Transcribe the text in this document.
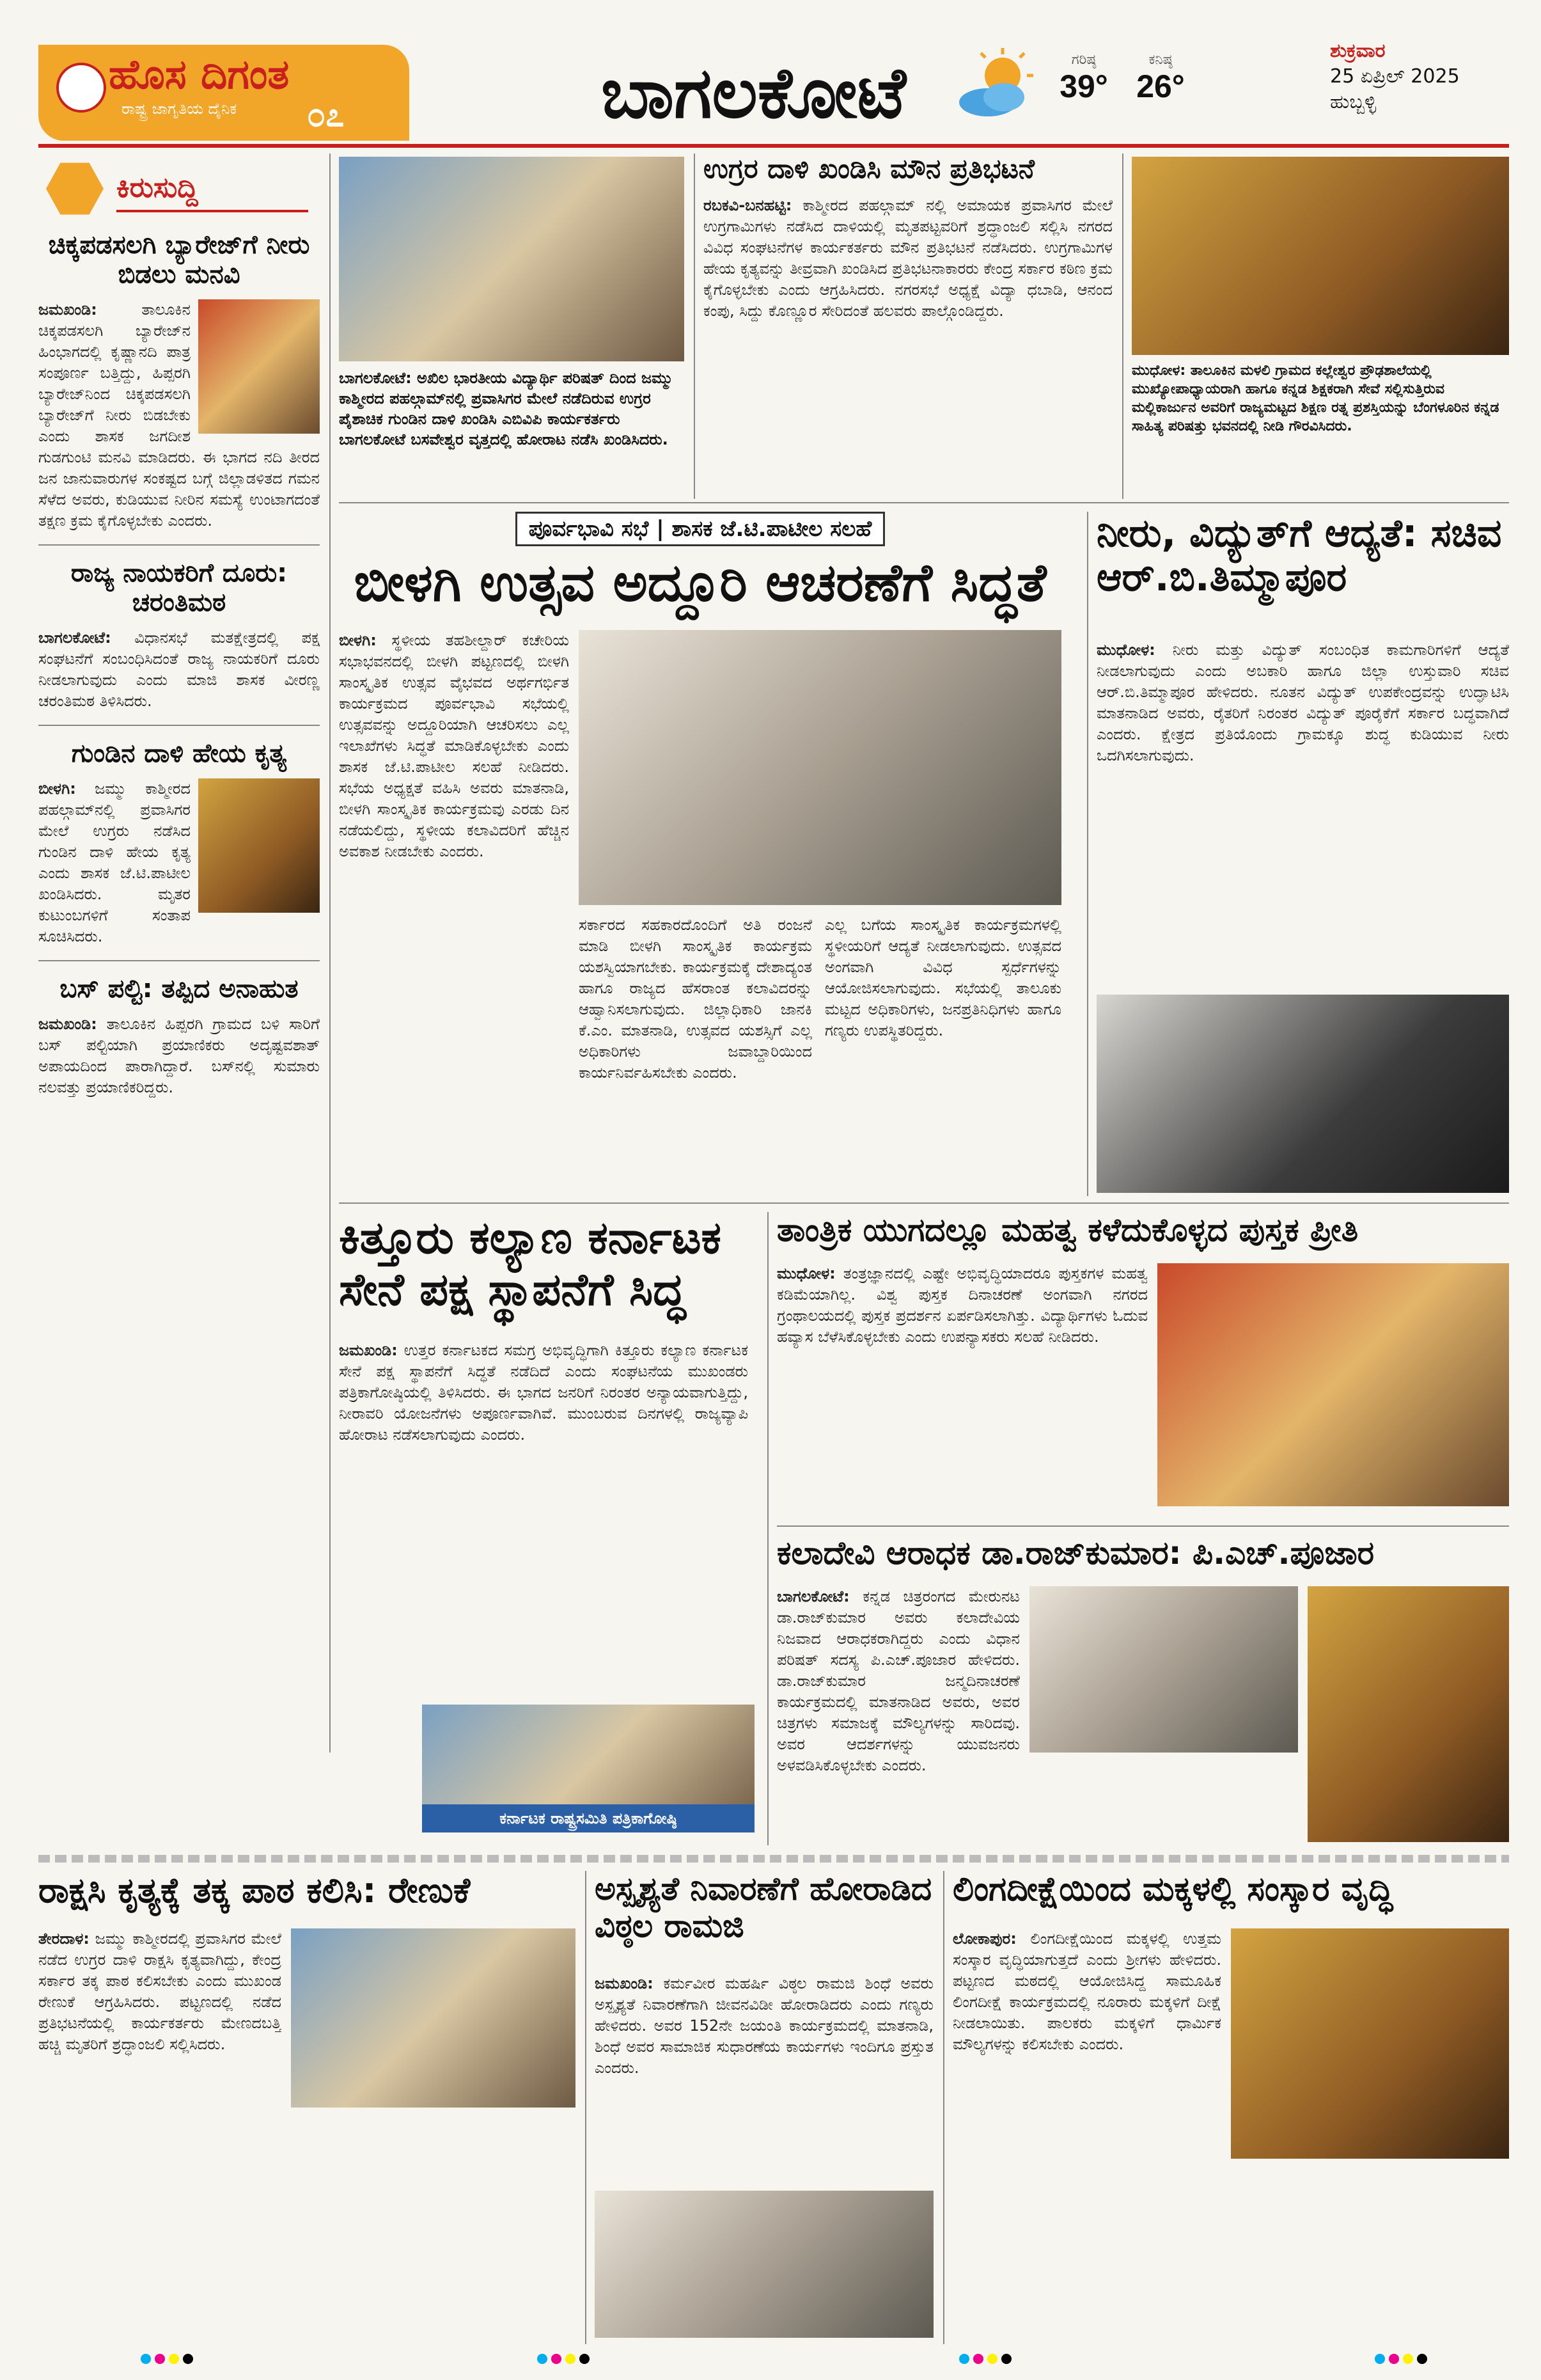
ಹೊಸ ದಿಗಂತ
ರಾಷ್ಟ್ರ ಜಾಗೃತಿಯ ದೈನಿಕ ೦೭	ಬಾಗಲಕೋಟೆ	ಗರಿಷ್ಠ
39°
ಕನಿಷ್ಠ
26°
ಶುಕ್ರವಾರ
25 ಏಪ್ರಿಲ್ 2025
ಹುಬ್ಬಳ್ಳಿ
ಕಿರುಸುದ್ದಿ
ಚಿಕ್ಕಪಡಸಲಗಿ ಬ್ಯಾರೇಜ್‌ಗೆ ನೀರು ಬಿಡಲು ಮನವಿ
ಜಮಖಂಡಿ:	ತಾಲೂಕಿನ ಚಿಕ್ಕಪಡಸಲಗಿ ಬ್ಯಾರೇಜ್‌ನ ಹಿಂಭಾಗದಲ್ಲಿ ಕೃಷ್ಣಾನದಿ ಪಾತ್ರ ಸಂಪೂರ್ಣ ಬತ್ತಿದ್ದು, ಹಿಪ್ಪರಗಿ ಬ್ಯಾರೇಜ್‌ನಿಂದ ಚಿಕ್ಕಪಡಸಲಗಿ ಬ್ಯಾರೇಜ್‌ಗೆ ನೀರು ಬಿಡಬೇಕು ಎಂದು ಶಾಸಕ ಜಗದೀಶ ಗುಡಗುಂಟಿ ಮನವಿ ಮಾಡಿದರು. ಈ ಭಾಗದ ನದಿ ತೀರದ ಜನ ಜಾನುವಾರುಗಳ ಸಂಕಷ್ಟದ ಬಗ್ಗೆ ಜಿಲ್ಲಾಡಳಿತದ ಗಮನ ಸೆಳೆದ ಅವರು, ಕುಡಿಯುವ ನೀರಿನ ಸಮಸ್ಯೆ ಉಂಟಾಗದಂತೆ ತಕ್ಷಣ ಕ್ರಮ ಕೈಗೊಳ್ಳಬೇಕು ಎಂದರು.
ರಾಜ್ಯ ನಾಯಕರಿಗೆ ದೂರು: ಚರಂತಿಮಠ
ಬಾಗಲಕೋಟೆ: ವಿಧಾನಸಭೆ ಮತಕ್ಷೇತ್ರದಲ್ಲಿ ಪಕ್ಷ ಸಂಘಟನೆಗೆ ಸಂಬಂಧಿಸಿದಂತೆ ರಾಜ್ಯ ನಾಯಕರಿಗೆ ದೂರು ನೀಡಲಾಗುವುದು ಎಂದು ಮಾಜಿ ಶಾಸಕ ವೀರಣ್ಣ ಚರಂತಿಮಠ ತಿಳಿಸಿದರು.
ಗುಂಡಿನ ದಾಳಿ ಹೇಯ ಕೃತ್ಯ
ಬೀಳಗಿ: ಜಮ್ಮು ಕಾಶ್ಮೀರದ ಪಹಲ್ಗಾಮ್‌ನಲ್ಲಿ ಪ್ರವಾಸಿಗರ ಮೇಲೆ ಉಗ್ರರು ನಡೆಸಿದ ಗುಂಡಿನ ದಾಳಿ ಹೇಯ ಕೃತ್ಯ ಎಂದು ಶಾಸಕ ಜೆ.ಟಿ.ಪಾಟೀಲ ಖಂಡಿಸಿದರು. ಮೃತರ ಕುಟುಂಬಗಳಿಗೆ ಸಂತಾಪ ಸೂಚಿಸಿದರು.
ಬಸ್ ಪಲ್ಟಿ: ತಪ್ಪಿದ ಅನಾಹುತ
ಜಮಖಂಡಿ: ತಾಲೂಕಿನ ಹಿಪ್ಪರಗಿ ಗ್ರಾಮದ ಬಳಿ ಸಾರಿಗೆ ಬಸ್ ಪಲ್ಟಿಯಾಗಿ ಪ್ರಯಾಣಿಕರು ಅದೃಷ್ಟವಶಾತ್ ಅಪಾಯದಿಂದ ಪಾರಾಗಿದ್ದಾರೆ. ಬಸ್‌ನಲ್ಲಿ ಸುಮಾರು ನಲವತ್ತು ಪ್ರಯಾಣಿಕರಿದ್ದರು.
ಬಾಗಲಕೋಟೆ: ಅಖಿಲ ಭಾರತೀಯ ವಿದ್ಯಾರ್ಥಿ ಪರಿಷತ್ ದಿಂದ ಜಮ್ಮು ಕಾಶ್ಮೀರದ ಪಹಲ್ಗಾಮ್‌ನಲ್ಲಿ ಪ್ರವಾಸಿಗರ ಮೇಲೆ ನಡೆದಿರುವ ಉಗ್ರರ ಪೈಶಾಚಿಕ ಗುಂಡಿನ ದಾಳಿ ಖಂಡಿಸಿ ಎಬಿವಿಪಿ ಕಾರ್ಯಕರ್ತರು ಬಾಗಲಕೋಟೆ ಬಸವೇಶ್ವರ ವೃತ್ತದಲ್ಲಿ ಹೋರಾಟ ನಡೆಸಿ ಖಂಡಿಸಿದರು.
ಉಗ್ರರ ದಾಳಿ ಖಂಡಿಸಿ ಮೌನ ಪ್ರತಿಭಟನೆ
ರಬಕವಿ-ಬನಹಟ್ಟಿ: ಕಾಶ್ಮೀರದ ಪಹಲ್ಗಾಮ್ ನಲ್ಲಿ ಅಮಾಯಕ ಪ್ರವಾಸಿಗರ ಮೇಲೆ ಉಗ್ರಗಾಮಿಗಳು ನಡೆಸಿದ ದಾಳಿಯಲ್ಲಿ ಮೃತಪಟ್ಟವರಿಗೆ ಶ್ರದ್ಧಾಂಜಲಿ ಸಲ್ಲಿಸಿ ನಗರದ ವಿವಿಧ ಸಂಘಟನೆಗಳ ಕಾರ್ಯಕರ್ತರು ಮೌನ ಪ್ರತಿಭಟನೆ ನಡೆಸಿದರು. ಉಗ್ರಗಾಮಿಗಳ ಹೇಯ ಕೃತ್ಯವನ್ನು ತೀವ್ರವಾಗಿ ಖಂಡಿಸಿದ ಪ್ರತಿಭಟನಾಕಾರರು ಕೇಂದ್ರ ಸರ್ಕಾರ ಕಠಿಣ ಕ್ರಮ ಕೈಗೊಳ್ಳಬೇಕು ಎಂದು ಆಗ್ರಹಿಸಿದರು. ನಗರಸಭೆ ಅಧ್ಯಕ್ಷೆ ವಿದ್ಯಾ ಧಬಾಡಿ, ಆನಂದ ಕಂಪು, ಸಿದ್ದು ಕೊಣ್ಣೂರ ಸೇರಿದಂತೆ ಹಲವರು ಪಾಲ್ಗೊಂಡಿದ್ದರು.
ಮುಧೋಳ: ತಾಲೂಕಿನ ಮಳಲಿ ಗ್ರಾಮದ ಕಲ್ಲೇಶ್ವರ ಪ್ರೌಢಶಾಲೆಯಲ್ಲಿ ಮುಖ್ಯೋಪಾಧ್ಯಾಯರಾಗಿ ಹಾಗೂ ಕನ್ನಡ ಶಿಕ್ಷಕರಾಗಿ ಸೇವೆ ಸಲ್ಲಿಸುತ್ತಿರುವ ಮಲ್ಲಿಕಾರ್ಜುನ ಅವರಿಗೆ ರಾಜ್ಯಮಟ್ಟದ ಶಿಕ್ಷಣ ರತ್ನ ಪ್ರಶಸ್ತಿಯನ್ನು ಬೆಂಗಳೂರಿನ ಕನ್ನಡ ಸಾಹಿತ್ಯ ಪರಿಷತ್ತು ಭವನದಲ್ಲಿ ನೀಡಿ ಗೌರವಿಸಿದರು.
ಪೂರ್ವಭಾವಿ ಸಭೆ | ಶಾಸಕ ಜೆ.ಟಿ.ಪಾಟೀಲ ಸಲಹೆ
ಬೀಳಗಿ ಉತ್ಸವ ಅದ್ದೂರಿ ಆಚರಣೆಗೆ ಸಿದ್ಧತೆ
ಬೀಳಗಿ: ಸ್ಥಳೀಯ ತಹಶೀಲ್ದಾರ್ ಕಚೇರಿಯ ಸಭಾಭವನದಲ್ಲಿ ಬೀಳಗಿ ಪಟ್ಟಣದಲ್ಲಿ ಬೀಳಗಿ ಸಾಂಸ್ಕೃತಿಕ ಉತ್ಸವ ವೈಭವದ ಅರ್ಥಗರ್ಭಿತ ಕಾರ್ಯಕ್ರಮದ ಪೂರ್ವಭಾವಿ ಸಭೆಯಲ್ಲಿ ಉತ್ಸವವನ್ನು ಅದ್ದೂರಿಯಾಗಿ ಆಚರಿಸಲು ಎಲ್ಲ ಇಲಾಖೆಗಳು ಸಿದ್ಧತೆ ಮಾಡಿಕೊಳ್ಳಬೇಕು ಎಂದು ಶಾಸಕ ಜೆ.ಟಿ.ಪಾಟೀಲ ಸಲಹೆ ನೀಡಿದರು. ಸಭೆಯ ಅಧ್ಯಕ್ಷತೆ ವಹಿಸಿ ಅವರು ಮಾತನಾಡಿ, ಬೀಳಗಿ ಸಾಂಸ್ಕೃತಿಕ ಕಾರ್ಯಕ್ರಮವು ಎರಡು ದಿನ ನಡೆಯಲಿದ್ದು, ಸ್ಥಳೀಯ ಕಲಾವಿದರಿಗೆ ಹೆಚ್ಚಿನ ಅವಕಾಶ ನೀಡಬೇಕು ಎಂದರು.
ಸರ್ಕಾರದ ಸಹಕಾರದೊಂದಿಗೆ ಅತಿ ರಂಜನೆ ಮಾಡಿ ಬೀಳಗಿ ಸಾಂಸ್ಕೃತಿಕ ಕಾರ್ಯಕ್ರಮ ಯಶಸ್ವಿಯಾಗಬೇಕು. ಕಾರ್ಯಕ್ರಮಕ್ಕೆ ದೇಶಾದ್ಯಂತ ಹಾಗೂ ರಾಜ್ಯದ ಹೆಸರಾಂತ ಕಲಾವಿದರನ್ನು ಆಹ್ವಾನಿಸಲಾಗುವುದು. ಜಿಲ್ಲಾಧಿಕಾರಿ ಜಾನಕಿ ಕೆ.ಎಂ. ಮಾತನಾಡಿ, ಉತ್ಸವದ ಯಶಸ್ಸಿಗೆ ಎಲ್ಲ ಅಧಿಕಾರಿಗಳು ಜವಾಬ್ದಾರಿಯಿಂದ ಕಾರ್ಯನಿರ್ವಹಿಸಬೇಕು ಎಂದರು.
ಎಲ್ಲ ಬಗೆಯ ಸಾಂಸ್ಕೃತಿಕ ಕಾರ್ಯಕ್ರಮಗಳಲ್ಲಿ ಸ್ಥಳೀಯರಿಗೆ ಆದ್ಯತೆ ನೀಡಲಾಗುವುದು. ಉತ್ಸವದ ಅಂಗವಾಗಿ ವಿವಿಧ ಸ್ಪರ್ಧೆಗಳನ್ನು ಆಯೋಜಿಸಲಾಗುವುದು. ಸಭೆಯಲ್ಲಿ ತಾಲೂಕು ಮಟ್ಟದ ಅಧಿಕಾರಿಗಳು, ಜನಪ್ರತಿನಿಧಿಗಳು ಹಾಗೂ ಗಣ್ಯರು ಉಪಸ್ಥಿತರಿದ್ದರು.
ನೀರು, ವಿದ್ಯುತ್‌ಗೆ ಆದ್ಯತೆ: ಸಚಿವ ಆರ್.ಬಿ.ತಿಮ್ಮಾಪೂರ
ಮುಧೋಳ: ನೀರು ಮತ್ತು ವಿದ್ಯುತ್ ಸಂಬಂಧಿತ ಕಾಮಗಾರಿಗಳಿಗೆ ಆದ್ಯತೆ ನೀಡಲಾಗುವುದು ಎಂದು ಅಬಕಾರಿ ಹಾಗೂ ಜಿಲ್ಲಾ ಉಸ್ತುವಾರಿ ಸಚಿವ ಆರ್.ಬಿ.ತಿಮ್ಮಾಪೂರ ಹೇಳಿದರು. ನೂತನ ವಿದ್ಯುತ್ ಉಪಕೇಂದ್ರವನ್ನು ಉದ್ಘಾಟಿಸಿ ಮಾತನಾಡಿದ ಅವರು, ರೈತರಿಗೆ ನಿರಂತರ ವಿದ್ಯುತ್ ಪೂರೈಕೆಗೆ ಸರ್ಕಾರ ಬದ್ಧವಾಗಿದೆ ಎಂದರು. ಕ್ಷೇತ್ರದ ಪ್ರತಿಯೊಂದು ಗ್ರಾಮಕ್ಕೂ ಶುದ್ಧ ಕುಡಿಯುವ ನೀರು ಒದಗಿಸಲಾಗುವುದು.
ಕಿತ್ತೂರು ಕಲ್ಯಾಣ ಕರ್ನಾಟಕ ಸೇನೆ ಪಕ್ಷ ಸ್ಥಾಪನೆಗೆ ಸಿದ್ಧ
ಜಮಖಂಡಿ: ಉತ್ತರ ಕರ್ನಾಟಕದ ಸಮಗ್ರ ಅಭಿವೃದ್ಧಿಗಾಗಿ ಕಿತ್ತೂರು ಕಲ್ಯಾಣ ಕರ್ನಾಟಕ ಸೇನೆ ಪಕ್ಷ ಸ್ಥಾಪನೆಗೆ ಸಿದ್ಧತೆ ನಡೆದಿದೆ ಎಂದು ಸಂಘಟನೆಯ ಮುಖಂಡರು ಪತ್ರಿಕಾಗೋಷ್ಠಿಯಲ್ಲಿ ತಿಳಿಸಿದರು. ಈ ಭಾಗದ ಜನರಿಗೆ ನಿರಂತರ ಅನ್ಯಾಯವಾಗುತ್ತಿದ್ದು, ನೀರಾವರಿ ಯೋಜನೆಗಳು ಅಪೂರ್ಣವಾಗಿವೆ. ಮುಂಬರುವ ದಿನಗಳಲ್ಲಿ ರಾಜ್ಯವ್ಯಾಪಿ ಹೋರಾಟ ನಡೆಸಲಾಗುವುದು ಎಂದರು.
ಕರ್ನಾಟಕ ರಾಷ್ಟ್ರಸಮಿತಿ ಪತ್ರಿಕಾಗೋಷ್ಠಿ
ತಾಂತ್ರಿಕ ಯುಗದಲ್ಲೂ ಮಹತ್ವ ಕಳೆದುಕೊಳ್ಳದ ಪುಸ್ತಕ ಪ್ರೀತಿ
ಮುಧೋಳ: ತಂತ್ರಜ್ಞಾನದಲ್ಲಿ ಎಷ್ಟೇ ಅಭಿವೃದ್ಧಿಯಾದರೂ ಪುಸ್ತಕಗಳ ಮಹತ್ವ ಕಡಿಮೆಯಾಗಿಲ್ಲ. ವಿಶ್ವ ಪುಸ್ತಕ ದಿನಾಚರಣೆ ಅಂಗವಾಗಿ ನಗರದ ಗ್ರಂಥಾಲಯದಲ್ಲಿ ಪುಸ್ತಕ ಪ್ರದರ್ಶನ ಏರ್ಪಡಿಸಲಾಗಿತ್ತು. ವಿದ್ಯಾರ್ಥಿಗಳು ಓದುವ ಹವ್ಯಾಸ ಬೆಳೆಸಿಕೊಳ್ಳಬೇಕು ಎಂದು ಉಪನ್ಯಾಸಕರು ಸಲಹೆ ನೀಡಿದರು.
ಕಲಾದೇವಿ ಆರಾಧಕ ಡಾ.ರಾಜ್‌ಕುಮಾರ: ಪಿ.ಎಚ್.ಪೂಜಾರ
ಬಾಗಲಕೋಟೆ: ಕನ್ನಡ ಚಿತ್ರರಂಗದ ಮೇರುನಟ ಡಾ.ರಾಜ್‌ಕುಮಾರ ಅವರು ಕಲಾದೇವಿಯ ನಿಜವಾದ ಆರಾಧಕರಾಗಿದ್ದರು ಎಂದು ವಿಧಾನ ಪರಿಷತ್ ಸದಸ್ಯ ಪಿ.ಎಚ್.ಪೂಜಾರ ಹೇಳಿದರು. ಡಾ.ರಾಜ್‌ಕುಮಾರ ಜನ್ಮದಿನಾಚರಣೆ ಕಾರ್ಯಕ್ರಮದಲ್ಲಿ ಮಾತನಾಡಿದ ಅವರು, ಅವರ ಚಿತ್ರಗಳು ಸಮಾಜಕ್ಕೆ ಮೌಲ್ಯಗಳನ್ನು ಸಾರಿದವು. ಅವರ ಆದರ್ಶಗಳನ್ನು ಯುವಜನರು ಅಳವಡಿಸಿಕೊಳ್ಳಬೇಕು ಎಂದರು.
ರಾಕ್ಷಸಿ ಕೃತ್ಯಕ್ಕೆ ತಕ್ಕ ಪಾಠ ಕಲಿಸಿ: ರೇಣುಕೆ
ತೇರದಾಳ: ಜಮ್ಮು ಕಾಶ್ಮೀರದಲ್ಲಿ ಪ್ರವಾಸಿಗರ ಮೇಲೆ ನಡೆದ ಉಗ್ರರ ದಾಳಿ ರಾಕ್ಷಸಿ ಕೃತ್ಯವಾಗಿದ್ದು, ಕೇಂದ್ರ ಸರ್ಕಾರ ತಕ್ಕ ಪಾಠ ಕಲಿಸಬೇಕು ಎಂದು ಮುಖಂಡ ರೇಣುಕೆ ಆಗ್ರಹಿಸಿದರು. ಪಟ್ಟಣದಲ್ಲಿ ನಡೆದ ಪ್ರತಿಭಟನೆಯಲ್ಲಿ ಕಾರ್ಯಕರ್ತರು ಮೇಣದಬತ್ತಿ ಹಚ್ಚಿ ಮೃತರಿಗೆ ಶ್ರದ್ಧಾಂಜಲಿ ಸಲ್ಲಿಸಿದರು.
ಅಸ್ಪೃಶ್ಯತೆ ನಿವಾರಣೆಗೆ ಹೋರಾಡಿದ ವಿಠ್ಠಲ ರಾಮಜಿ
ಜಮಖಂಡಿ: ಕರ್ಮವೀರ ಮಹರ್ಷಿ ವಿಠ್ಠಲ ರಾಮಜಿ ಶಿಂಧೆ ಅವರು ಅಸ್ಪೃಶ್ಯತೆ ನಿವಾರಣೆಗಾಗಿ ಜೀವನವಿಡೀ ಹೋರಾಡಿದರು ಎಂದು ಗಣ್ಯರು ಹೇಳಿದರು. ಅವರ 152ನೇ ಜಯಂತಿ ಕಾರ್ಯಕ್ರಮದಲ್ಲಿ ಮಾತನಾಡಿ, ಶಿಂಧೆ ಅವರ ಸಾಮಾಜಿಕ ಸುಧಾರಣೆಯ ಕಾರ್ಯಗಳು ಇಂದಿಗೂ ಪ್ರಸ್ತುತ ಎಂದರು.
ಲಿಂಗದೀಕ್ಷೆಯಿಂದ ಮಕ್ಕಳಲ್ಲಿ ಸಂಸ್ಕಾರ ವೃದ್ಧಿ
ಲೋಕಾಪುರ: ಲಿಂಗದೀಕ್ಷೆಯಿಂದ ಮಕ್ಕಳಲ್ಲಿ ಉತ್ತಮ ಸಂಸ್ಕಾರ ವೃದ್ಧಿಯಾಗುತ್ತದೆ ಎಂದು ಶ್ರೀಗಳು ಹೇಳಿದರು. ಪಟ್ಟಣದ ಮಠದಲ್ಲಿ ಆಯೋಜಿಸಿದ್ದ ಸಾಮೂಹಿಕ ಲಿಂಗದೀಕ್ಷೆ ಕಾರ್ಯಕ್ರಮದಲ್ಲಿ ನೂರಾರು ಮಕ್ಕಳಿಗೆ ದೀಕ್ಷೆ ನೀಡಲಾಯಿತು. ಪಾಲಕರು ಮಕ್ಕಳಿಗೆ ಧಾರ್ಮಿಕ ಮೌಲ್ಯಗಳನ್ನು ಕಲಿಸಬೇಕು ಎಂದರು.
